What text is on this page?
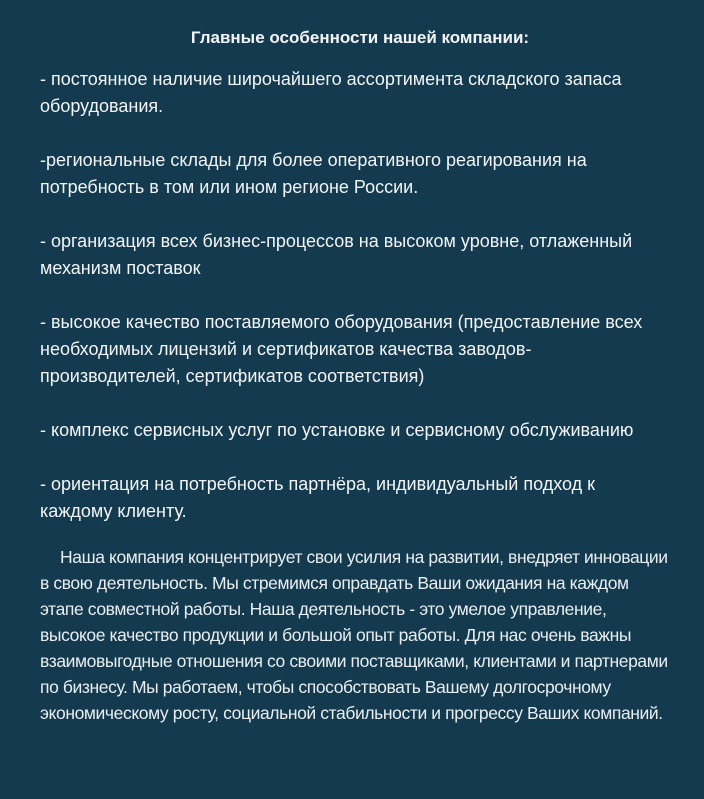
Главные особенности нашей компании:

- постоянное наличие широчайшего ассортимента складского запаса оборудования.

-региональные склады для более оперативного реагирования на потребность в том или ином регионе России.

- организация всех бизнес-процессов на высоком уровне, отлаженный механизм поставок

- высокое качество поставляемого оборудования (предоставление всех необходимых лицензий и сертификатов качества заводов-производителей, сертификатов соответствия)

- комплекс сервисных услуг по установке и сервисному обслуживанию

- ориентация на потребность партнёра, индивидуальный подход к каждому клиенту.

Наша компания концентрирует свои усилия на развитии, внедряет инновации в свою деятельность. Мы стремимся оправдать Ваши ожидания на каждом этапе совместной работы. Наша деятельность - это умелое управление, высокое качество продукции и большой опыт работы. Для нас очень важны взаимовыгодные отношения со своими поставщиками, клиентами и партнерами по бизнесу. Мы работаем, чтобы способствовать Вашему долгосрочному экономическому росту, социальной стабильности и прогрессу Ваших компаний.
